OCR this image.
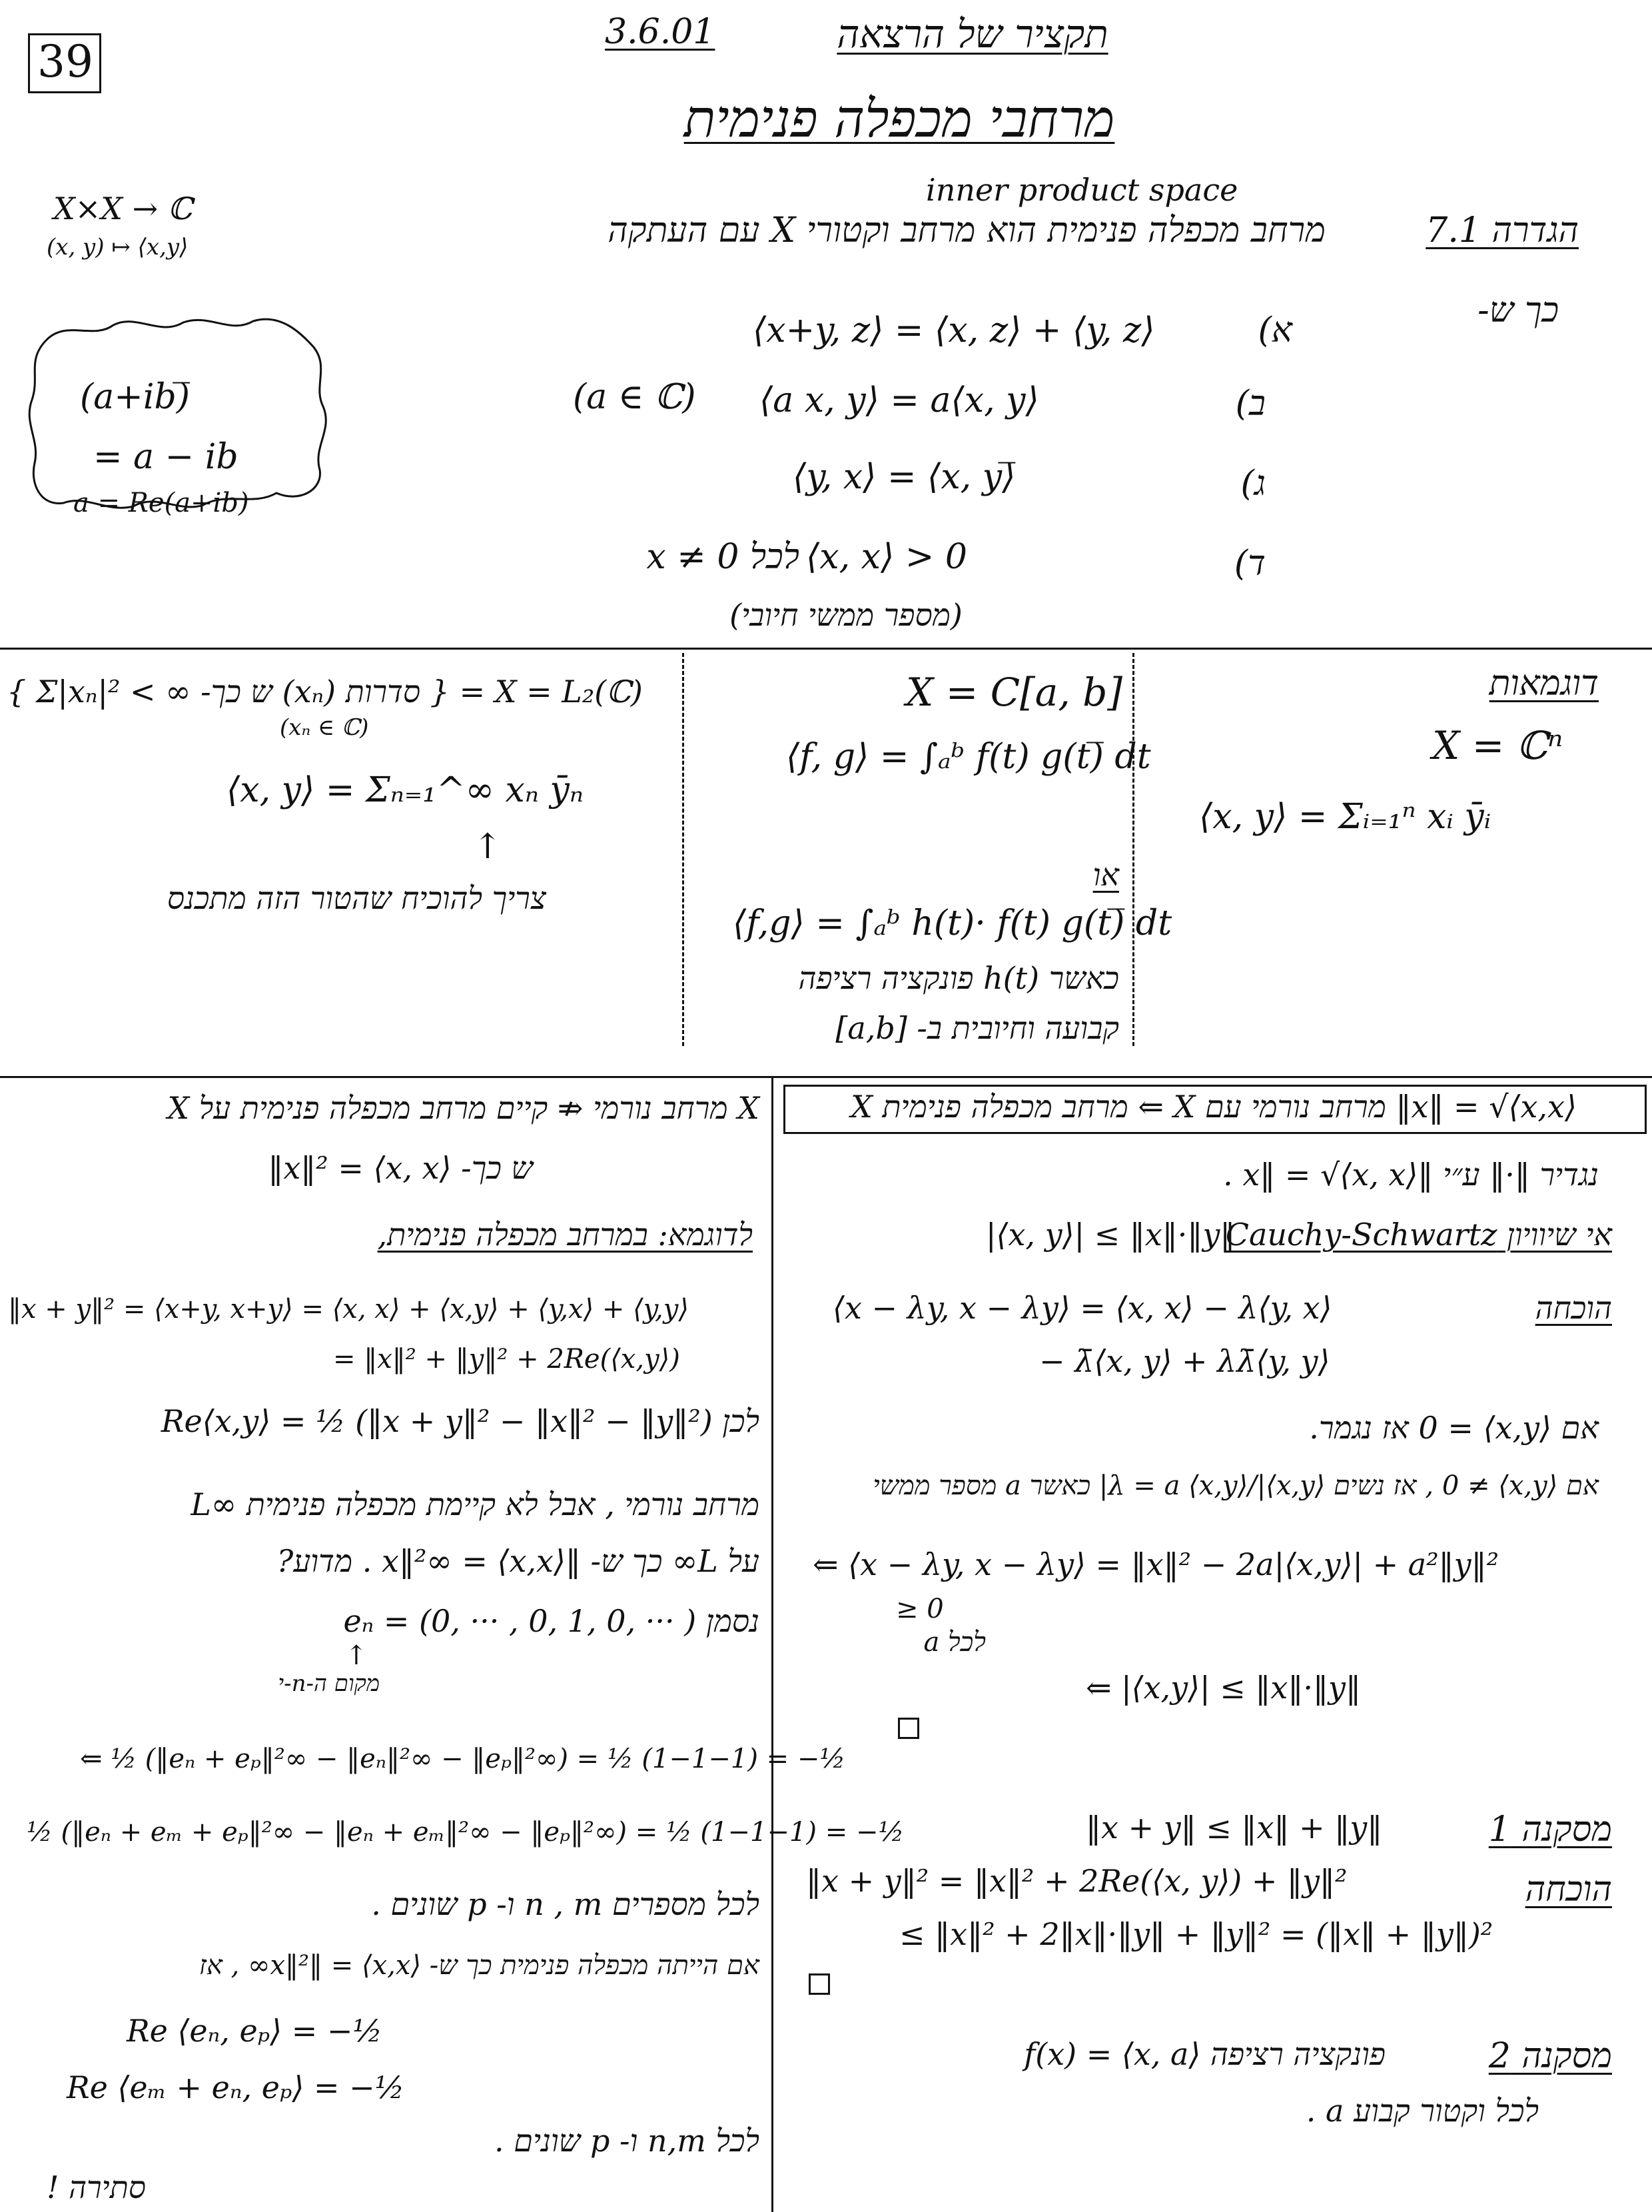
39
3.6.01	תקציר של הרצאה
מרחבי מכפלה פנימית
inner product space
X×X → ℂ
(x, y) ↦ ⟨x,y⟩	מרחב מכפלה פנימית הוא מרחב וקטורי X עם העתקה	הגדרה 7.1
כך ש-
⟨x+y, z⟩ = ⟨x, z⟩ + ⟨y, z⟩	א)
(a ∈ ℂ) ⟨a x, y⟩ = a⟨x, y⟩	ב)
⟨y, x⟩ = ⟨x, y⟩̅	ג)
לכל 0 ≠ x ⟨x, x⟩ > 0	ד)
(מספר ממשי חיובי)
(a+ib)̅
= a − ib
a = Re(a+ib)
דוגמאות
X = ℂⁿ
⟨x, y⟩ = Σᵢ₌₁ⁿ xᵢ ȳᵢ
X = C[a, b]
⟨f, g⟩ = ∫ₐᵇ f(t) g(t)̅ dt
או
⟨f,g⟩ = ∫ₐᵇ h(t)· f(t) g(t)̅ dt
כאשר h(t) פונקציה רציפה
קבועה וחיובית ב- [a,b]
{ Σ|xₙ|² < ∞ -ש כך (xₙ) סדרות } = X = L₂(ℂ)
(xₙ ∈ ℂ)
⟨x, y⟩ = Σₙ₌₁^∞ xₙ ȳₙ
↑
צריך להוכיח שהטור הזה מתכנס
X מרחב מכפלה פנימית ⇐ X מרחב נורמי עם ‖x‖ = √⟨x,x⟩
נגדיר ‖·‖ ע״י ‖x‖ = √⟨x, x⟩ .
אי שיוויון Cauchy-Schwartz
|⟨x, y⟩| ≤ ‖x‖·‖y‖
הוכחה
⟨x − λy, x − λy⟩ = ⟨x, x⟩ − λ⟨y, x⟩
− λ̄⟨x, y⟩ + λλ̄⟨y, y⟩
אם ⟨x,y⟩ = 0 אז נגמר.
אם ⟨x,y⟩ ≠ 0 , אז נשים λ = a ⟨x,y⟩/|⟨x,y⟩| כאשר a מספר ממשי
⇐ ⟨x − λy, x − λy⟩ = ‖x‖² − 2a|⟨x,y⟩| + a²‖y‖²
≥ 0
לכל a
⇐ |⟨x,y⟩| ≤ ‖x‖·‖y‖
מסקנה 1
‖x + y‖ ≤ ‖x‖ + ‖y‖
הוכחה
‖x + y‖² = ‖x‖² + 2Re(⟨x, y⟩) + ‖y‖²
≤ ‖x‖² + 2‖x‖·‖y‖ + ‖y‖² = (‖x‖ + ‖y‖)²
מסקנה 2
f(x) = ⟨x, a⟩ פונקציה רציפה
לכל וקטור קבוע a .
X מרחב נורמי ⇏ קיים מרחב מכפלה פנימית על X
‖x‖² = ⟨x, x⟩ -ש כך
לדוגמא: במרחב מכפלה פנימית,
‖x + y‖² = ⟨x+y, x+y⟩ = ⟨x, x⟩ + ⟨x,y⟩ + ⟨y,x⟩ + ⟨y,y⟩
= ‖x‖² + ‖y‖² + 2Re(⟨x,y⟩)
לכן Re⟨x,y⟩ = ½ (‖x + y‖² − ‖x‖² − ‖y‖²)
L∞ מרחב נורמי , אבל לא קיימת מכפלה פנימית
על L∞ כך ש- ‖x‖²∞ = ⟨x,x⟩ . מדוע?
נסמן eₙ = (0, ··· , 0, 1, 0, ··· )
↑
מקום ה-n-י
⇐ ½ (‖eₙ + eₚ‖²∞ − ‖eₙ‖²∞ − ‖eₚ‖²∞) = ½ (1−1−1) = −½
½ (‖eₙ + eₘ + eₚ‖²∞ − ‖eₙ + eₘ‖²∞ − ‖eₚ‖²∞) = ½ (1−1−1) = −½
לכל מספרים n , m ו- p שונים .
אם הייתה מכפלה פנימית כך ש- ⟨x,x⟩ = ‖x‖²∞ , אז
Re ⟨eₙ, eₚ⟩ = −½
Re ⟨eₘ + eₙ, eₚ⟩ = −½
לכל n,m ו- p שונים .
סתירה !
